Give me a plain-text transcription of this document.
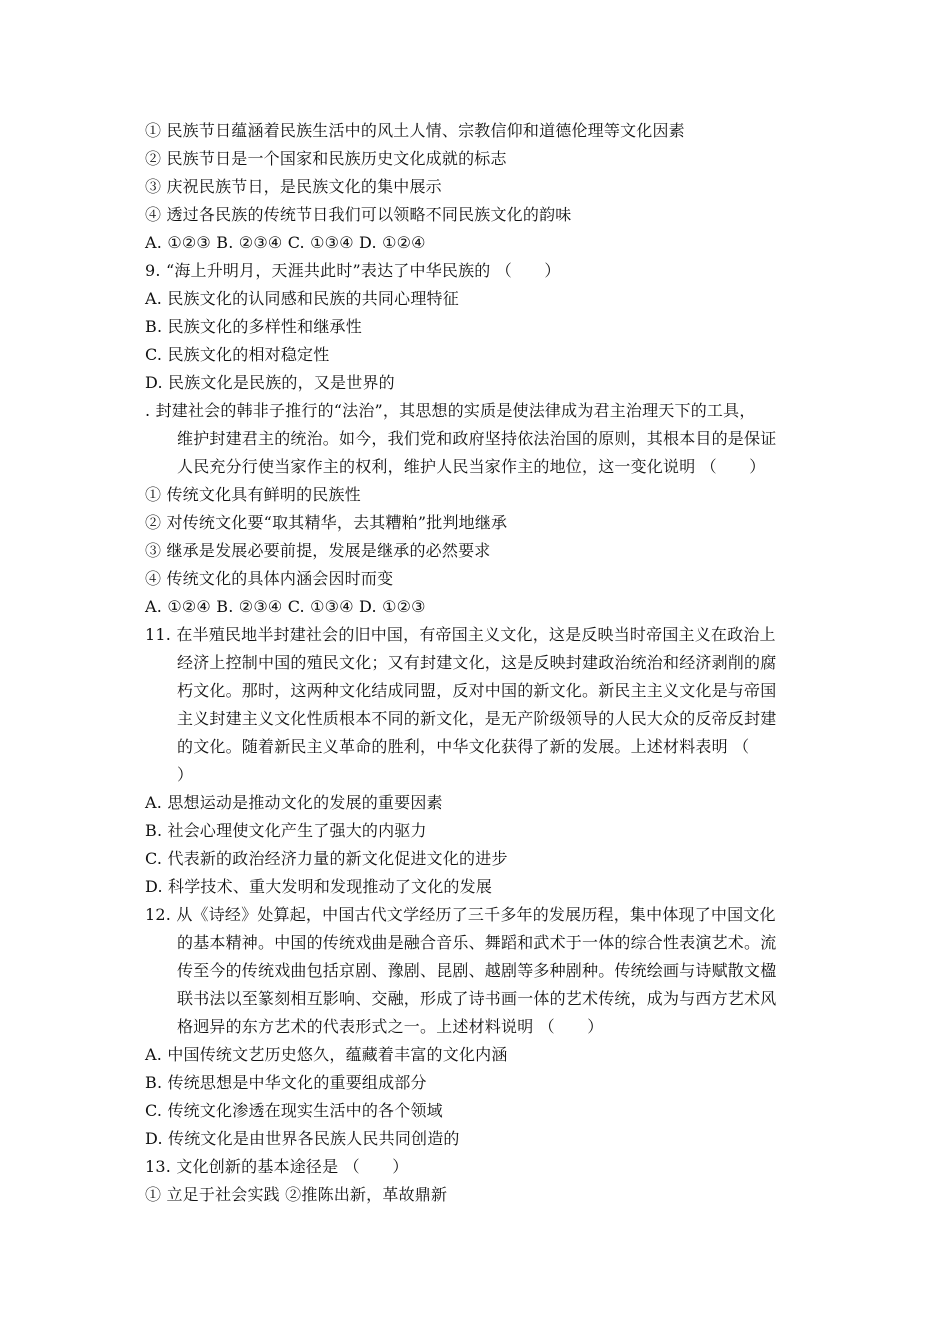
① 民族节日蕴涵着民族生活中的风土人情、宗教信仰和道德伦理等文化因素
② 民族节日是一个国家和民族历史文化成就的标志
③ 庆祝民族节日，是民族文化的集中展示
④ 透过各民族的传统节日我们可以领略不同民族文化的韵味
A. ①②③ B. ②③④ C. ①③④ D. ①②④
9. “海上升明月，天涯共此时”表达了中华民族的 （　　）
A. 民族文化的认同感和民族的共同心理特征
B. 民族文化的多样性和继承性
C. 民族文化的相对稳定性
D. 民族文化是民族的，又是世界的
. 封建社会的韩非子推行的“法治”，其思想的实质是使法律成为君主治理天下的工具，
维护封建君主的统治。如今，我们党和政府坚持依法治国的原则，其根本目的是保证
人民充分行使当家作主的权利，维护人民当家作主的地位，这一变化说明 （　　）
① 传统文化具有鲜明的民族性
② 对传统文化要“取其精华，去其糟粕”批判地继承
③ 继承是发展必要前提，发展是继承的必然要求
④ 传统文化的具体内涵会因时而变
A. ①②④ B. ②③④ C. ①③④ D. ①②③
11. 在半殖民地半封建社会的旧中国，有帝国主义文化，这是反映当时帝国主义在政治上
经济上控制中国的殖民文化；又有封建文化，这是反映封建政治统治和经济剥削的腐
朽文化。那时，这两种文化结成同盟，反对中国的新文化。新民主主义文化是与帝国
主义封建主义文化性质根本不同的新文化，是无产阶级领导的人民大众的反帝反封建
的文化。随着新民主义革命的胜利，中华文化获得了新的发展。上述材料表明 （
）
A. 思想运动是推动文化的发展的重要因素
B. 社会心理使文化产生了强大的内驱力
C. 代表新的政治经济力量的新文化促进文化的进步
D. 科学技术、重大发明和发现推动了文化的发展
12. 从《诗经》处算起，中国古代文学经历了三千多年的发展历程，集中体现了中国文化
的基本精神。中国的传统戏曲是融合音乐、舞蹈和武术于一体的综合性表演艺术。流
传至今的传统戏曲包括京剧、豫剧、昆剧、越剧等多种剧种。传统绘画与诗赋散文楹
联书法以至篆刻相互影响、交融，形成了诗书画一体的艺术传统，成为与西方艺术风
格迥异的东方艺术的代表形式之一。上述材料说明 （　　）
A. 中国传统文艺历史悠久，蕴藏着丰富的文化内涵
B. 传统思想是中华文化的重要组成部分
C. 传统文化渗透在现实生活中的各个领域
D. 传统文化是由世界各民族人民共同创造的
13. 文化创新的基本途径是 （　　）
① 立足于社会实践 ②推陈出新，革故鼎新
